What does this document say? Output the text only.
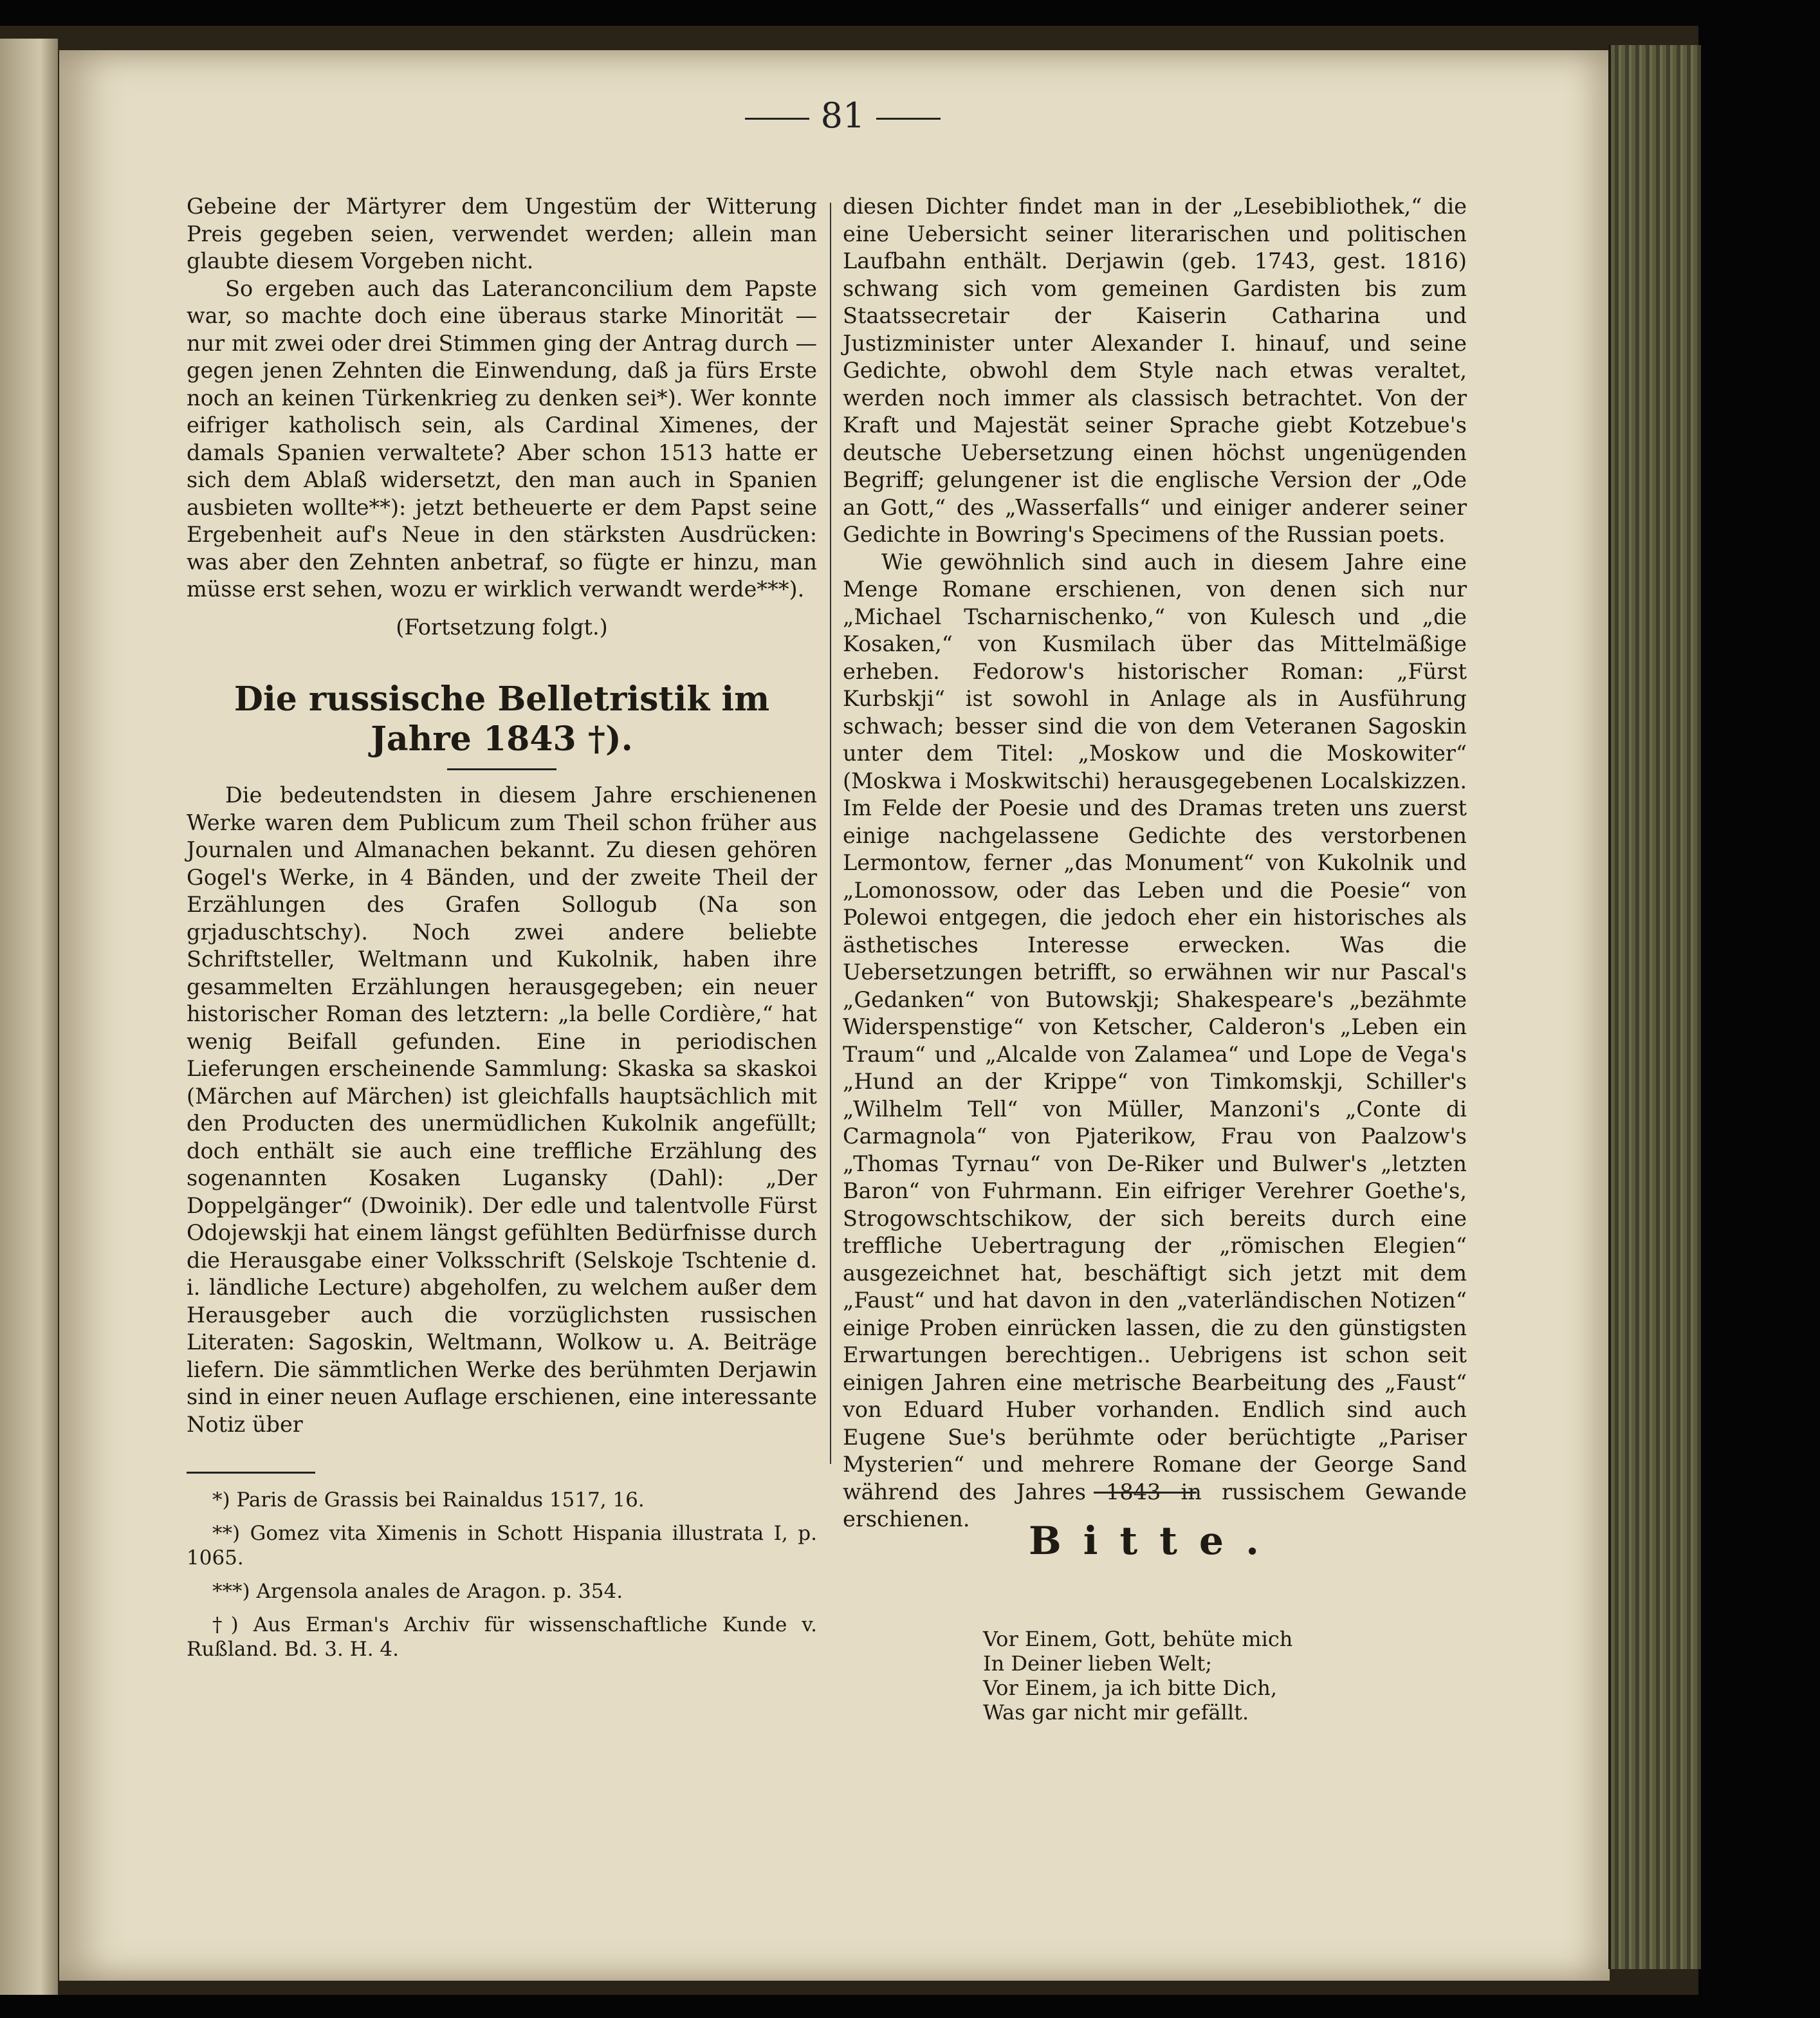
81

Gebeine der Märtyrer dem Ungestüm der Witterung Preis gegeben seien, verwendet werden; allein man glaubte diesem Vorgeben nicht.

So ergeben auch das Lateranconcilium dem Papste war, so machte doch eine überaus starke Minorität — nur mit zwei oder drei Stimmen ging der Antrag durch — gegen jenen Zehnten die Einwendung, daß ja fürs Erste noch an keinen Türkenkrieg zu denken sei*). Wer konnte eifriger katholisch sein, als Cardinal Ximenes, der damals Spanien verwaltete? Aber schon 1513 hatte er sich dem Ablaß widersetzt, den man auch in Spanien ausbieten wollte**): jetzt betheuerte er dem Papst seine Ergebenheit auf's Neue in den stärksten Ausdrücken: was aber den Zehnten anbetraf, so fügte er hinzu, man müsse erst sehen, wozu er wirklich verwandt werde***).

(Fortsetzung folgt.)

Die russische Belletristik im Jahre 1843 †).

Die bedeutendsten in diesem Jahre erschienenen Werke waren dem Publicum zum Theil schon früher aus Journalen und Almanachen bekannt. Zu diesen gehören Gogel's Werke, in 4 Bänden, und der zweite Theil der Erzählungen des Grafen Sollogub (Na son grjaduschtschy). Noch zwei andere beliebte Schriftsteller, Weltmann und Kukolnik, haben ihre gesammelten Erzählungen herausgegeben; ein neuer historischer Roman des letztern: „la belle Cordière,“ hat wenig Beifall gefunden. Eine in periodischen Lieferungen erscheinende Sammlung: Skaska sa skaskoi (Märchen auf Märchen) ist gleichfalls hauptsächlich mit den Producten des unermüdlichen Kukolnik angefüllt; doch enthält sie auch eine treffliche Erzählung des sogenannten Kosaken Lugansky (Dahl): „Der Doppelgänger“ (Dwoinik). Der edle und talentvolle Fürst Odojewskji hat einem längst gefühlten Bedürfnisse durch die Herausgabe einer Volksschrift (Selskoje Tschtenie d. i. ländliche Lecture) abgeholfen, zu welchem außer dem Herausgeber auch die vorzüglichsten russischen Literaten: Sagoskin, Weltmann, Wolkow u. A. Beiträge liefern. Die sämmtlichen Werke des berühmten Derjawin sind in einer neuen Auflage erschienen, eine interessante Notiz über

*) Paris de Grassis bei Rainaldus 1517, 16.

**) Gomez vita Ximenis in Schott Hispania illustrata I, p. 1065.

***) Argensola anales de Aragon. p. 354.

†) Aus Erman's Archiv für wissenschaftliche Kunde v. Rußland. Bd. 3. H. 4.

diesen Dichter findet man in der „Lesebibliothek,“ die eine Uebersicht seiner literarischen und politischen Laufbahn enthält. Derjawin (geb. 1743, gest. 1816) schwang sich vom gemeinen Gardisten bis zum Staatssecretair der Kaiserin Catharina und Justizminister unter Alexander I. hinauf, und seine Gedichte, obwohl dem Style nach etwas veraltet, werden noch immer als classisch betrachtet. Von der Kraft und Majestät seiner Sprache giebt Kotzebue's deutsche Uebersetzung einen höchst ungenügenden Begriff; gelungener ist die englische Version der „Ode an Gott,“ des „Wasserfalls“ und einiger anderer seiner Gedichte in Bowring's Specimens of the Russian poets.

Wie gewöhnlich sind auch in diesem Jahre eine Menge Romane erschienen, von denen sich nur „Michael Tscharnischenko,“ von Kulesch und „die Kosaken,“ von Kusmilach über das Mittelmäßige erheben. Fedorow's historischer Roman: „Fürst Kurbskji“ ist sowohl in Anlage als in Ausführung schwach; besser sind die von dem Veteranen Sagoskin unter dem Titel: „Moskow und die Moskowiter“ (Moskwa i Moskwitschi) herausgegebenen Localskizzen. Im Felde der Poesie und des Dramas treten uns zuerst einige nachgelassene Gedichte des verstorbenen Lermontow, ferner „das Monument“ von Kukolnik und „Lomonossow, oder das Leben und die Poesie“ von Polewoi entgegen, die jedoch eher ein historisches als ästhetisches Interesse erwecken. Was die Uebersetzungen betrifft, so erwähnen wir nur Pascal's „Gedanken“ von Butowskji; Shakespeare's „bezähmte Widerspenstige“ von Ketscher, Calderon's „Leben ein Traum“ und „Alcalde von Zalamea“ und Lope de Vega's „Hund an der Krippe“ von Timkomskji, Schiller's „Wilhelm Tell“ von Müller, Manzoni's „Conte di Carmagnola“ von Pjaterikow, Frau von Paalzow's „Thomas Tyrnau“ von De-Riker und Bulwer's „letzten Baron“ von Fuhrmann. Ein eifriger Verehrer Goethe's, Strogowschtschikow, der sich bereits durch eine treffliche Uebertragung der „römischen Elegien“ ausgezeichnet hat, beschäftigt sich jetzt mit dem „Faust“ und hat davon in den „vaterländischen Notizen“ einige Proben einrücken lassen, die zu den günstigsten Erwartungen berechtigen.. Uebrigens ist schon seit einigen Jahren eine metrische Bearbeitung des „Faust“ von Eduard Huber vorhanden. Endlich sind auch Eugene Sue's berühmte oder berüchtigte „Pariser Mysterien“ und mehrere Romane der George Sand während des Jahres 1843 in russischem Gewande erschienen.	Bitte.
Vor Einem, Gott, behüte mich
In Deiner lieben Welt;
Vor Einem, ja ich bitte Dich,
Was gar nicht mir gefällt.
